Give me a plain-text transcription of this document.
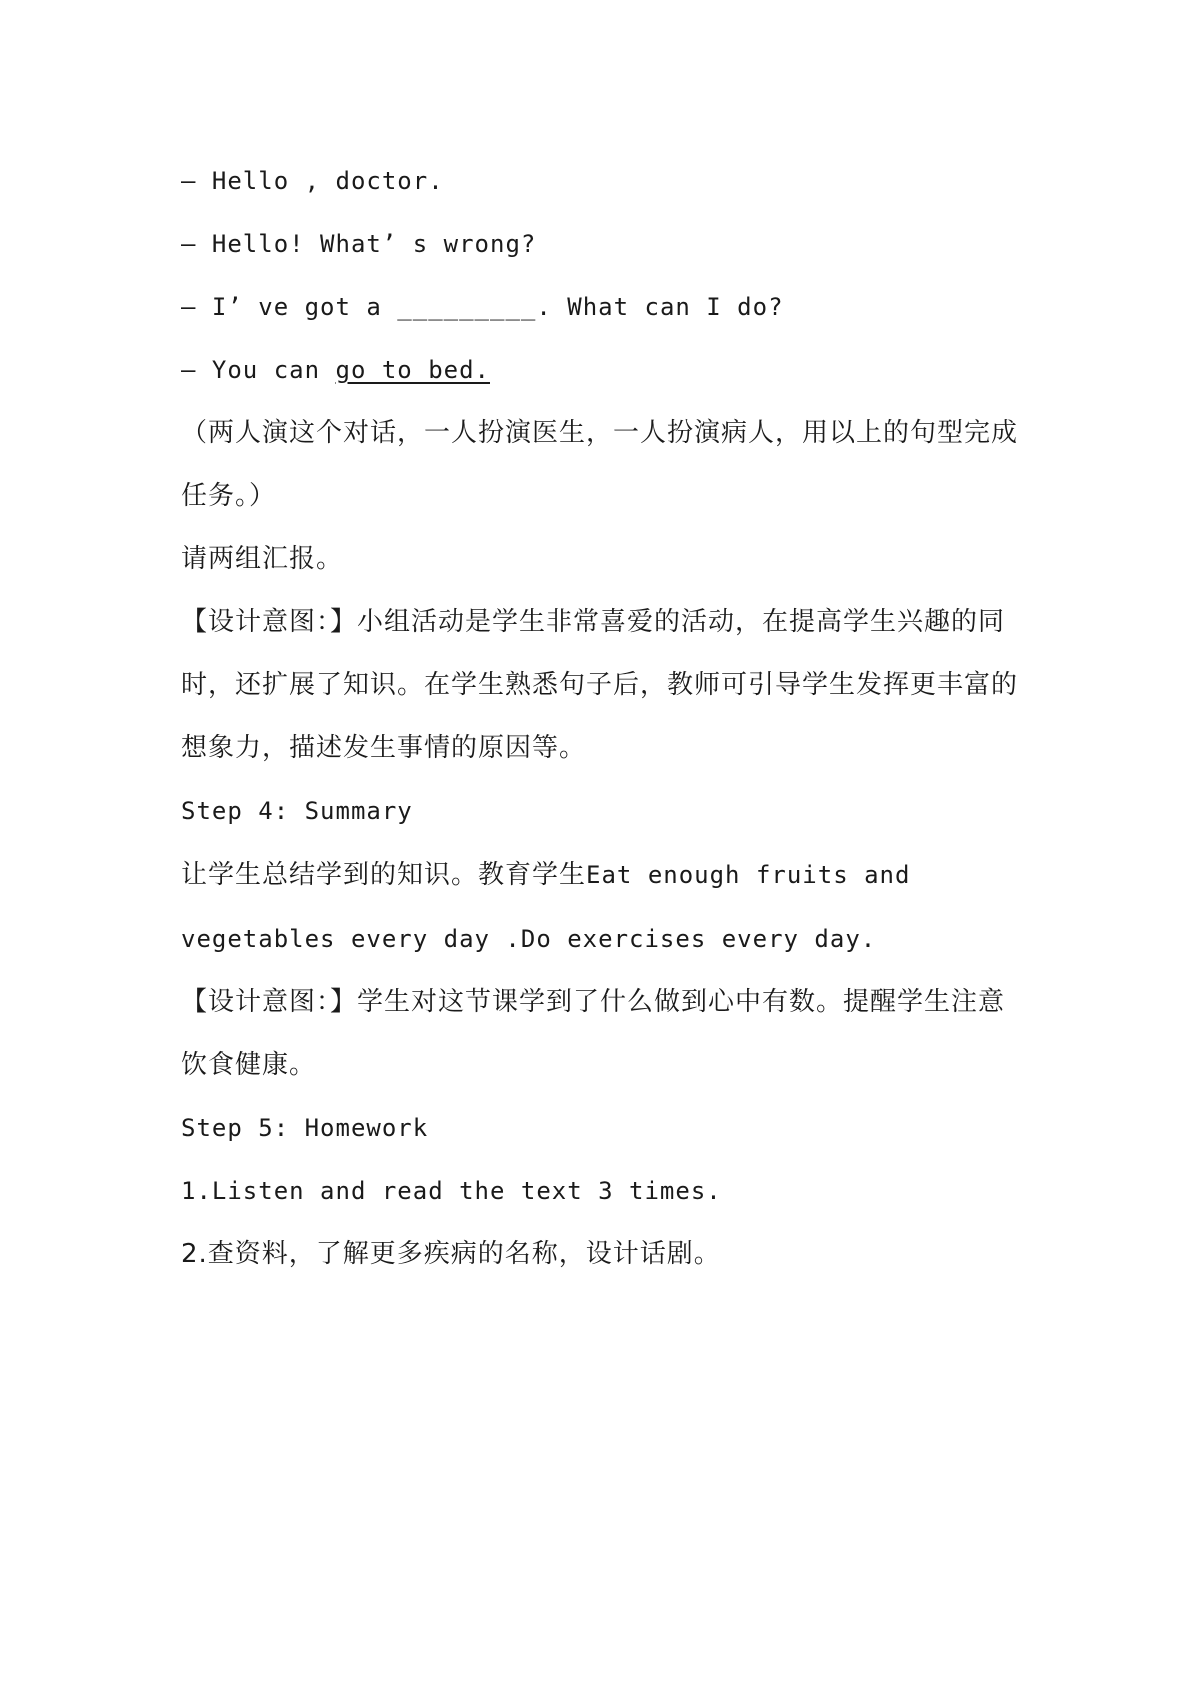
— Hello , doctor.
— Hello! What’ s wrong?
— I’ ve got a _________. What can I do?
— You can go to bed.
（两人演这个对话，一人扮演医生，一人扮演病人，用以上的句型完成任务。）
请两组汇报。
【设计意图：】小组活动是学生非常喜爱的活动，在提高学生兴趣的同时，还扩展了知识。在学生熟悉句子后，教师可引导学生发挥更丰富的想象力，描述发生事情的原因等。
Step 4: Summary
让学生总结学到的知识。教育学生Eat enough fruits and vegetables every day .Do exercises every day.
【设计意图：】学生对这节课学到了什么做到心中有数。提醒学生注意饮食健康。
Step 5: Homework
1.Listen and read the text 3 times.
2.查资料，了解更多疾病的名称，设计话剧。
